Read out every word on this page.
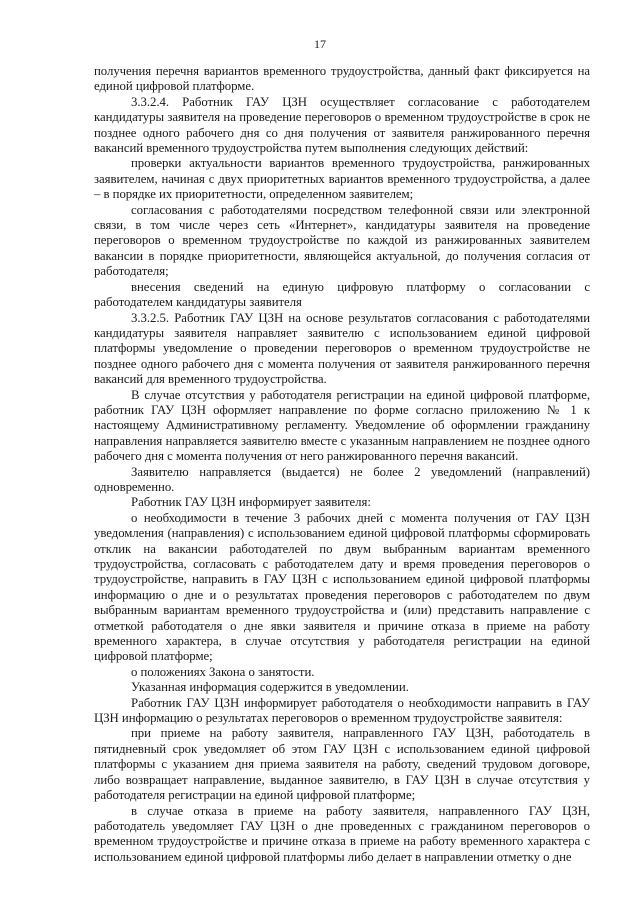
17

получения перечня вариантов временного трудоустройства, данный факт фиксируется на единой цифровой платформе.

3.3.2.4. Работник ГАУ ЦЗН осуществляет согласование с работодателем кандидатуры заявителя на проведение переговоров о временном трудоустройстве в срок не позднее одного рабочего дня со дня получения от заявителя ранжированного перечня вакансий временного трудоустройства путем выполнения следующих действий:

проверки актуальности вариантов временного трудоустройства, ранжированных заявителем, начиная с двух приоритетных вариантов временного трудоустройства, а далее – в порядке их приоритетности, определенном заявителем;

согласования с работодателями посредством телефонной связи или электронной связи, в том числе через сеть «Интернет», кандидатуры заявителя на проведение переговоров о временном трудоустройстве по каждой из ранжированных заявителем вакансии в порядке приоритетности, являющейся актуальной, до получения согласия от работодателя;

внесения сведений на единую цифровую платформу о согласовании с работодателем кандидатуры заявителя

3.3.2.5. Работник ГАУ ЦЗН на основе результатов согласования с работодателями кандидатуры заявителя направляет заявителю с использованием единой цифровой платформы уведомление о проведении переговоров о временном трудоустройстве не позднее одного рабочего дня с момента получения от заявителя ранжированного перечня вакансий для временного трудоустройства.

В случае отсутствия у работодателя регистрации на единой цифровой платформе, работник ГАУ ЦЗН оформляет направление по форме согласно приложению № 1 к настоящему Административному регламенту. Уведомление об оформлении гражданину направления направляется заявителю вместе с указанным направлением не позднее одного рабочего дня с момента получения от него ранжированного перечня вакансий.

Заявителю направляется (выдается) не более 2 уведомлений (направлений) одновременно.

Работник ГАУ ЦЗН информирует заявителя:

о необходимости в течение 3 рабочих дней с момента получения от ГАУ ЦЗН уведомления (направления) с использованием единой цифровой платформы сформировать отклик на вакансии работодателей по двум выбранным вариантам временного трудоустройства, согласовать с работодателем дату и время проведения переговоров о трудоустройстве, направить в ГАУ ЦЗН с использованием единой цифровой платформы информацию о дне и о результатах проведения переговоров с работодателем по двум выбранным вариантам временного трудоустройства и (или) представить направление с отметкой работодателя о дне явки заявителя и причине отказа в приеме на работу временного характера, в случае отсутствия у работодателя регистрации на единой цифровой платформе;

о положениях Закона о занятости.

Указанная информация содержится в уведомлении.

Работник ГАУ ЦЗН информирует работодателя о необходимости направить в ГАУ ЦЗН информацию о результатах переговоров о временном трудоустройстве заявителя:

при приеме на работу заявителя, направленного ГАУ ЦЗН, работодатель в пятидневный срок уведомляет об этом ГАУ ЦЗН с использованием единой цифровой платформы с указанием дня приема заявителя на работу, сведений трудовом договоре, либо возвращает направление, выданное заявителю, в ГАУ ЦЗН в случае отсутствия у работодателя регистрации на единой цифровой платформе;

в случае отказа в приеме на работу заявителя, направленного ГАУ ЦЗН, работодатель уведомляет ГАУ ЦЗН о дне проведенных с гражданином переговоров о временном трудоустройстве и причине отказа в приеме на работу временного характера с использованием единой цифровой платформы либо делает в направлении отметку о дне
